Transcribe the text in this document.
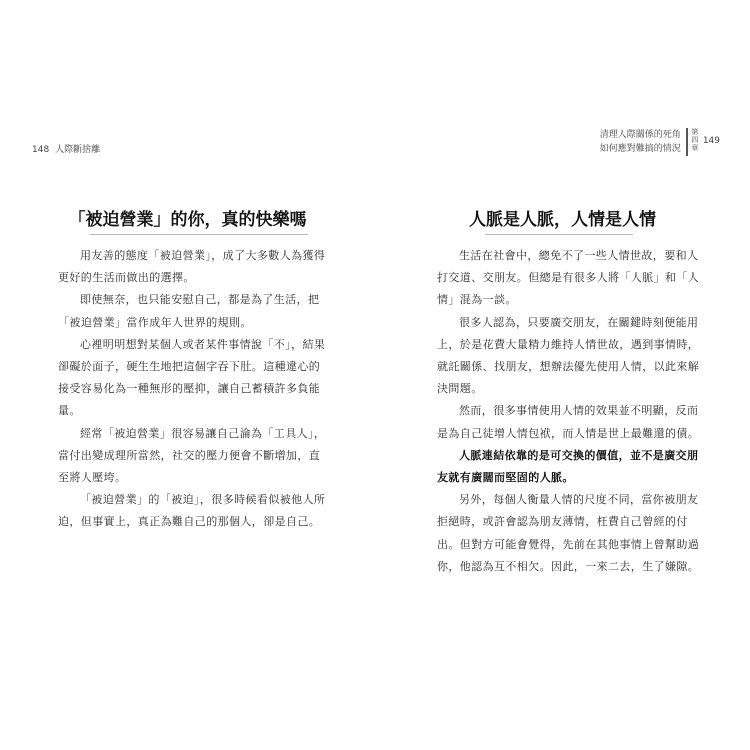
148 人際斷捨離
「被迫營業」的你，真的快樂嗎

用友善的態度「被迫營業」，成了大多數人為獲得更好的生活而做出的選擇。

即使無奈，也只能安慰自己，都是為了生活，把「被迫營業」當作成年人世界的規則。

心裡明明想對某個人或者某件事情說「不」，結果卻礙於面子，硬生生地把這個字吞下肚。這種違心的接受容易化為一種無形的壓抑，讓自己蓄積許多負能量。

經常「被迫營業」很容易讓自己淪為「工具人」，當付出變成理所當然，社交的壓力便會不斷增加，直至將人壓垮。

「被迫營業」的「被迫」，很多時候看似被他人所迫，但事實上，真正為難自己的那個人，卻是自己。

清理人際關係的死角
如何應對難搞的情況
第四章
149
人脈是人脈，人情是人情

生活在社會中，總免不了一些人情世故，要和人打交道、交朋友。但總是有很多人將「人脈」和「人情」混為一談。

很多人認為，只要廣交朋友，在關鍵時刻便能用上，於是花費大量精力維持人情世故，遇到事情時，就託關係、找朋友，想辦法優先使用人情，以此來解決問題。

然而，很多事情使用人情的效果並不明顯，反而是為自己徒增人情包袱，而人情是世上最難還的債。

人脈連結依靠的是可交換的價值，並不是廣交朋友就有廣闊而堅固的人脈。

另外，每個人衡量人情的尺度不同，當你被朋友拒絕時，或許會認為朋友薄情，枉費自己曾經的付出。但對方可能會覺得，先前在其他事情上曾幫助過你，他認為互不相欠。因此，一來二去，生了嫌隙。
